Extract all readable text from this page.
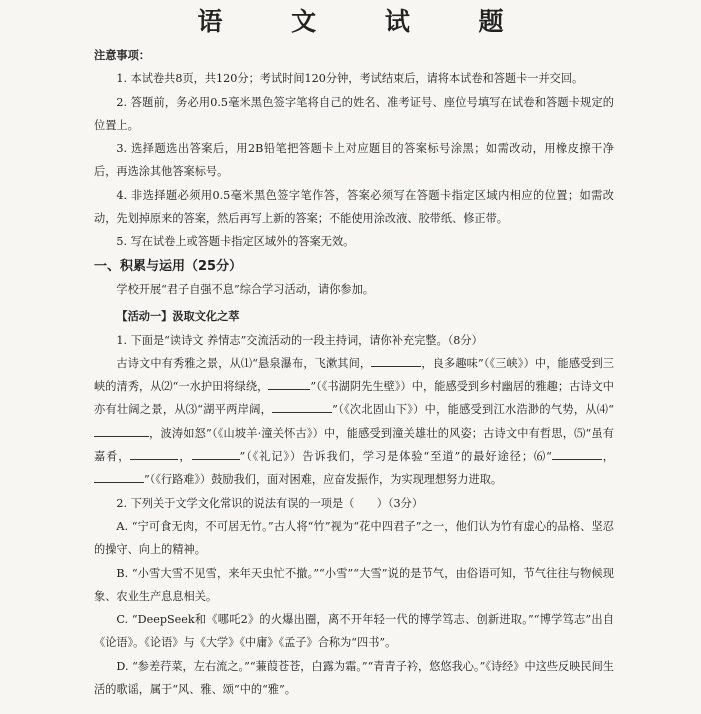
语 文 试 题

注意事项：

1. 本试卷共8页，共120分；考试时间120分钟，考试结束后，请将本试卷和答题卡一并交回。

2. 答题前，务必用0.5毫米黑色签字笔将自己的姓名、准考证号、座位号填写在试卷和答题卡规定的位置上。

3. 选择题选出答案后，用2B铅笔把答题卡上对应题目的答案标号涂黑；如需改动，用橡皮擦干净后，再选涂其他答案标号。

4. 非选择题必须用0.5毫米黑色签字笔作答，答案必须写在答题卡指定区域内相应的位置；如需改动，先划掉原来的答案，然后再写上新的答案；不能使用涂改液、胶带纸、修正带。

5. 写在试卷上或答题卡指定区域外的答案无效。

一、积累与运用（25分）

学校开展“君子自强不息”综合学习活动，请你参加。

【活动一】汲取文化之萃

1. 下面是“读诗文 养情志”交流活动的一段主持词，请你补充完整。（8分）

古诗文中有秀雅之景，从⑴“悬泉瀑布，飞漱其间，	，良多趣味”（《三峡》）中，能感受到三峡的清秀，从⑵“一水护田将绿绕，	”（《书湖阴先生壁》）中，能感受到乡村幽居的雅趣；古诗文中亦有壮阔之景，从⑶“湖平两岸阔，	”（《次北固山下》）中，能感受到江水浩渺的气势，从⑷“，波涛如怒”（《山坡羊·潼关怀古》）中，能感受到潼关雄壮的风姿；古诗文中有哲思，⑸“虽有嘉肴，	，	”（《礼记》）告诉我们，学习是体验“至道”的最好途径；⑹“	，”（《行路难》）鼓励我们，面对困难，应奋发振作，为实现理想努力进取。

2. 下列关于文学文化常识的说法有误的一项是（　　）（3分）

A. “宁可食无肉，不可居无竹。”古人将“竹”视为“花中四君子”之一，他们认为竹有虚心的品格、坚忍的操守、向上的精神。

B. “小雪大雪不见雪，来年天虫忙不撤。”“小雪”“大雪”说的是节气，由俗语可知，节气往往与物候现象、农业生产息息相关。

C. “DeepSeek和《哪吒2》的火爆出圈，离不开年轻一代的博学笃志、创新进取。”“博学笃志”出自《论语》。《论语》与《大学》《中庸》《孟子》合称为“四书”。

D. “参差荇菜，左右流之。”“蒹葭苍苍，白露为霜。”“青青子衿，悠悠我心。”《诗经》中这些反映民间生活的歌谣，属于“风、雅、颂”中的“雅”。
